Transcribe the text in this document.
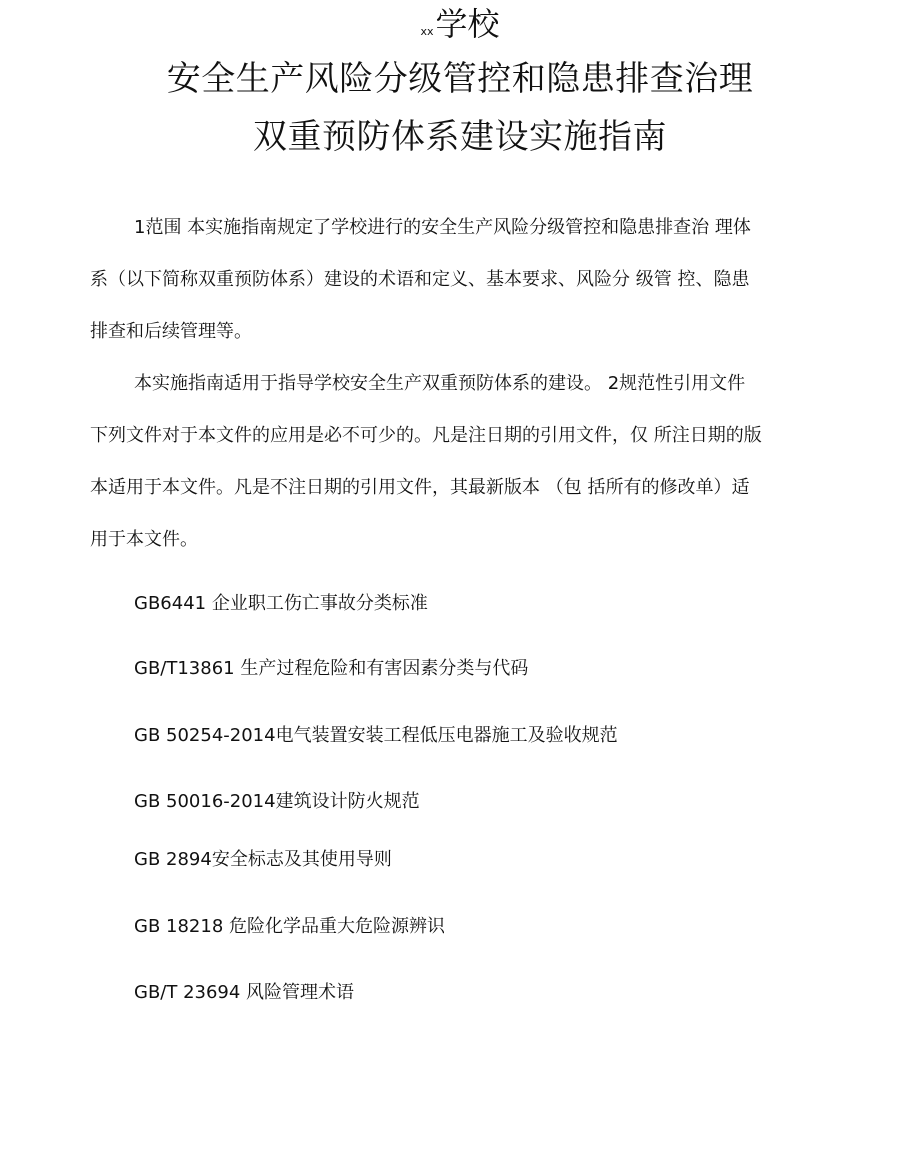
xx学校
安全生产风险分级管控和隐患排查治理
双重预防体系建设实施指南
1范围 本实施指南规定了学校进行的安全生产风险分级管控和隐患排查治 理体
系（以下简称双重预防体系）建设的术语和定义、基本要求、风险分 级管 控、隐患
排查和后续管理等。
本实施指南适用于指导学校安全生产双重预防体系的建设。 2规范性引用文件
下列文件对于本文件的应用是必不可少的。凡是注日期的引用文件，仅 所注日期的版
本适用于本文件。凡是不注日期的引用文件，其最新版本 （包 括所有的修改单）适
用于本文件。
GB6441 企业职工伤亡事故分类标准
GB/T13861 生产过程危险和有害因素分类与代码
GB 50254-2014电气装置安装工程低压电器施工及验收规范
GB 50016-2014建筑设计防火规范
GB 2894安全标志及其使用导则
GB 18218 危险化学品重大危险源辨识
GB/T 23694 风险管理术语
